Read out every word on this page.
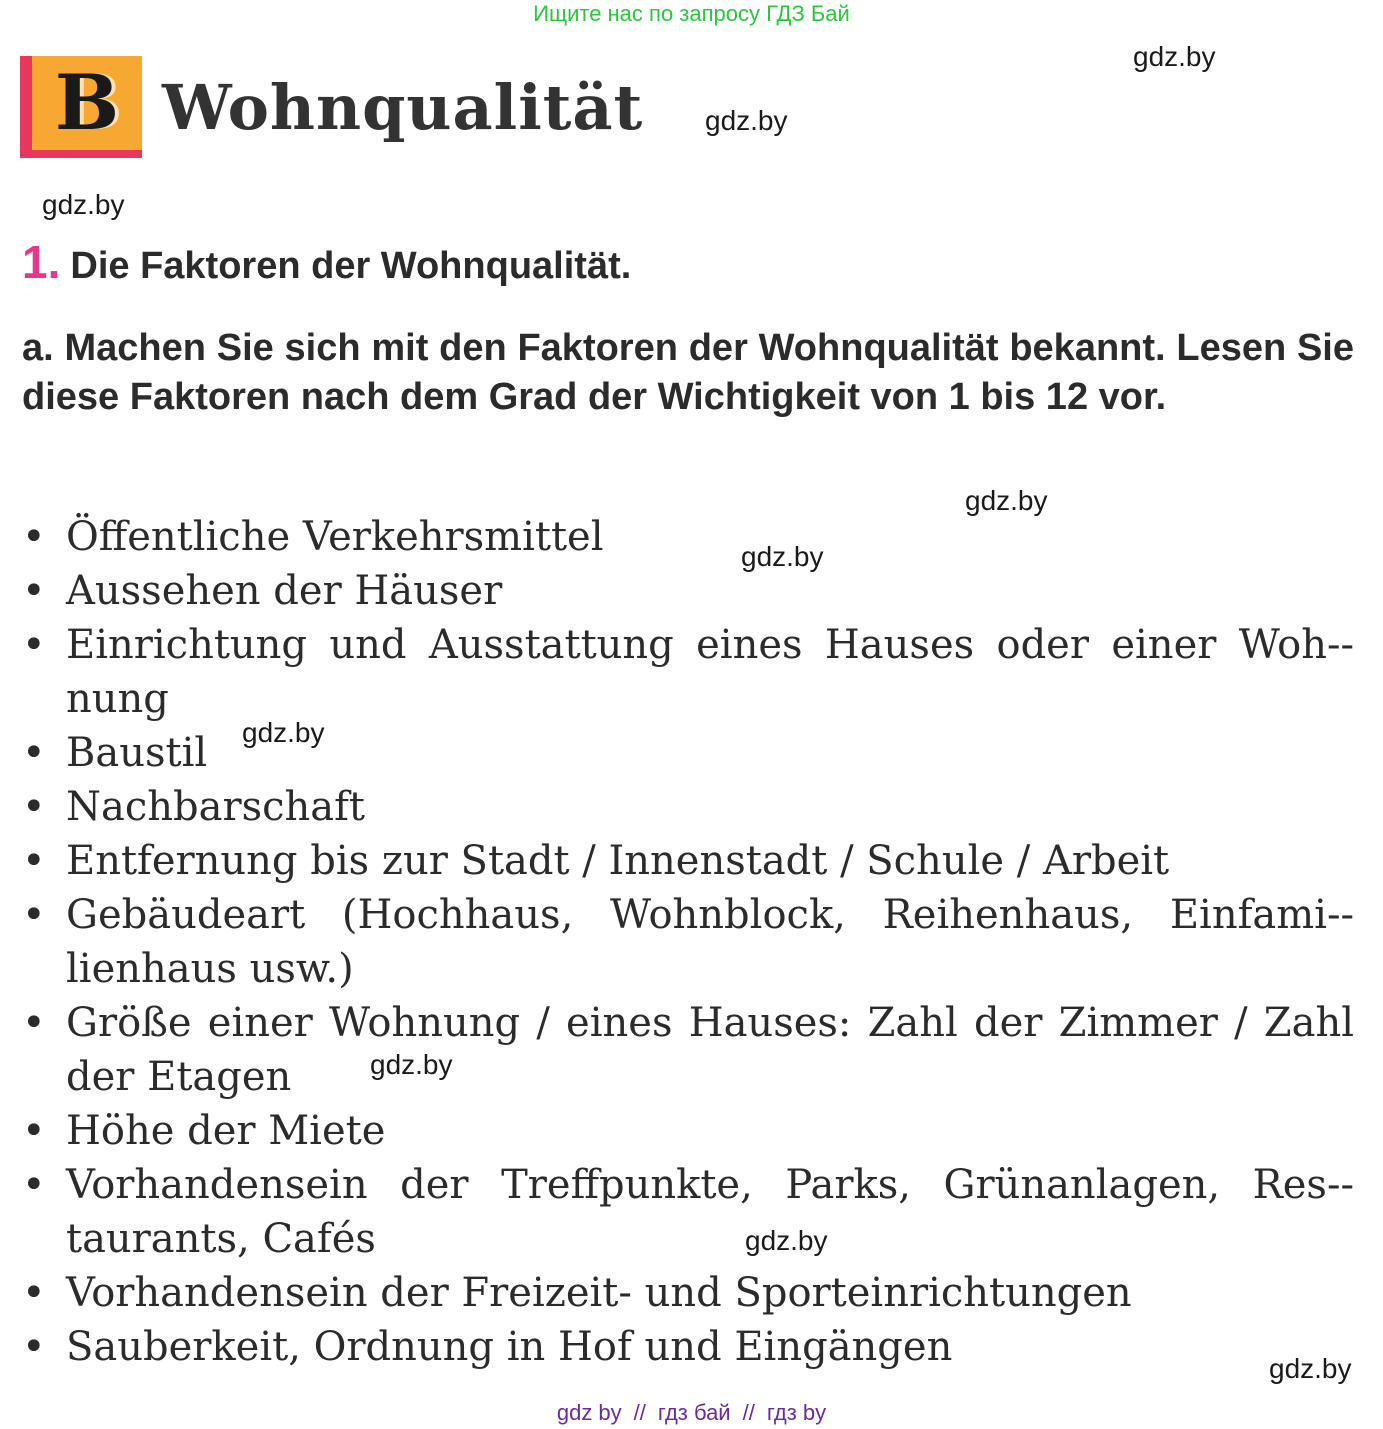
Ищите нас по запросу ГДЗ Бай
B Wohnqualität
gdz.by
gdz.by
gdz.by
1. Die Faktoren der Wohnqualität.
a. Machen Sie sich mit den Faktoren der Wohnqualität bekannt. Lesen Sie diese Faktoren nach dem Grad der Wichtigkeit von 1 bis 12 vor.
gdz.by
gdz.by
• Öffentliche Verkehrsmittel
• Aussehen der Häuser
• Einrichtung und Ausstattung eines Hauses oder einer Woh-nung
• Baustil
• Nachbarschaft
• Entfernung bis zur Stadt / Innenstadt / Schule / Arbeit
• Gebäudeart (Hochhaus, Wohnblock, Reihenhaus, Einfami-lienhaus usw.)
• Größe einer Wohnung / eines Hauses: Zahl der Zimmer / Zahl der Etagen
• Höhe der Miete
• Vorhandensein der Treffpunkte, Parks, Grünanlagen, Res-taurants, Cafés
• Vorhandensein der Freizeit- und Sporteinrichtungen
• Sauberkeit, Ordnung in Hof und Eingängen
gdz.by
gdz.by
gdz.by
gdz.by
gdz by // гдз бай // гдз by
